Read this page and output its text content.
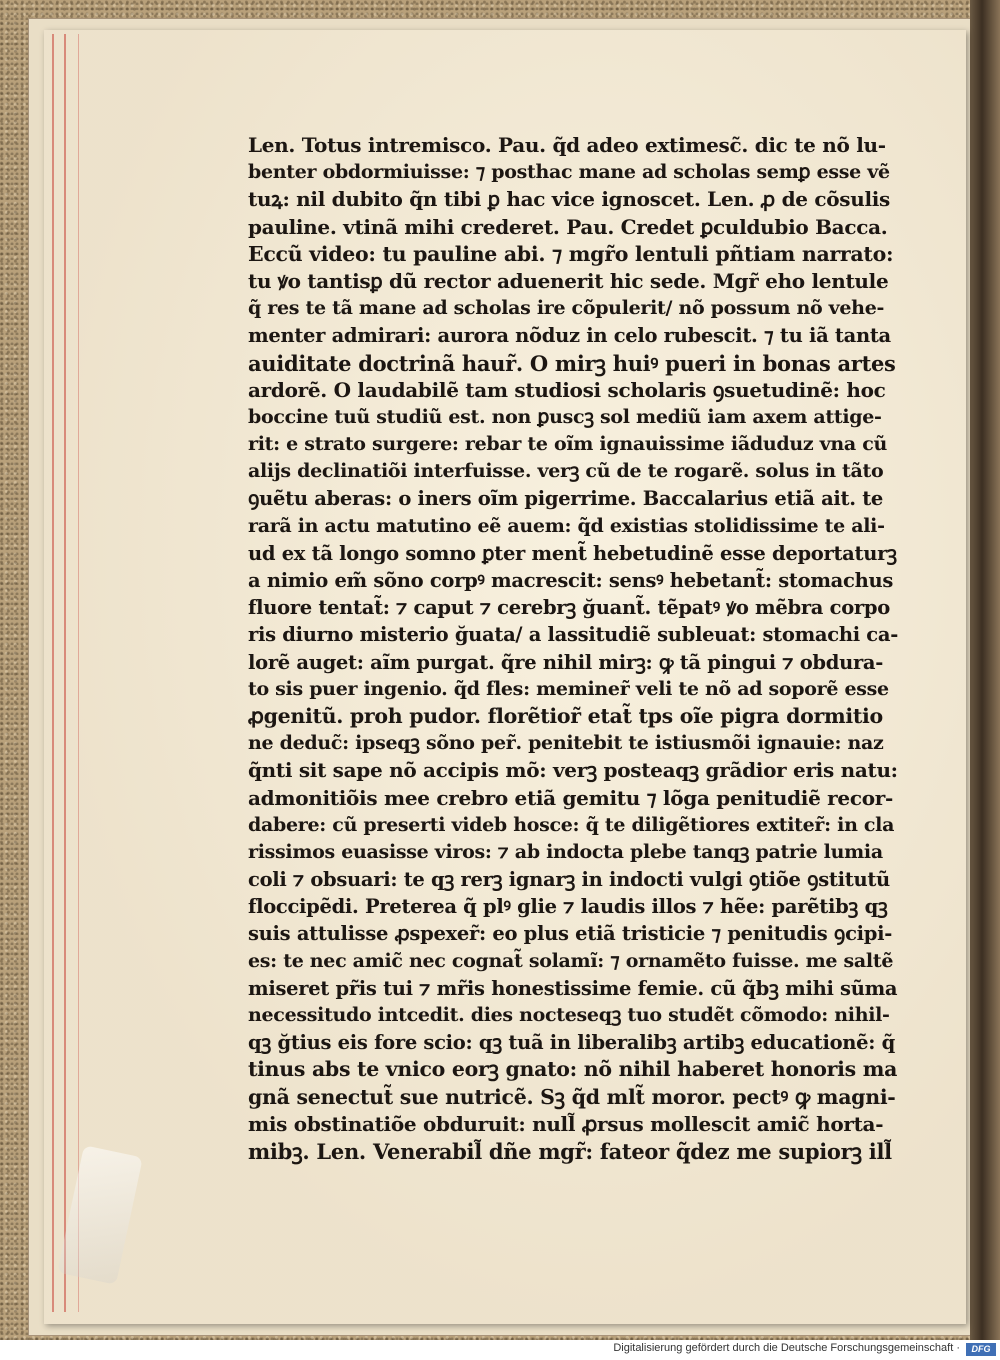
Len. Totus intremisco. Pau. q̃d adeo extimesc̃. dic te nõ lu-
benter obdormiuisse: ⁊ posthac mane ad scholas semꝑ esse vẽ
tuꝝ: nil dubito q̃n tibi ꝑ hac vice ignoscet. Len. ꝓ de cõsulis
pauline. vtinã mihi crederet. Pau. Credet ꝑculdubio Bacca.
Eccũ video: tu pauline abi. ⁊ mgr̃o lentuli pñtiam narrato:
tu ꝟo tantisꝑ dũ rector aduenerit hic sede. Mgr̃ eho lentule
q̃ res te tã mane ad scholas ire cõpulerit/ nõ possum nõ vehe-
menter admirari: aurora nõduz in celo rubescit. ⁊ tu iã tanta
auiditate doctrinã haur̃. O mirꝫ huiꝰ pueri in bonas artes
ardorẽ. O laudabilẽ tam studiosi scholaris ꝯsuetudinẽ: hoc
boccine tuũ studiũ est. non ꝑuscꝫ sol mediũ iam axem attige-
rit: e strato surgere: rebar te oĩm ignauissime iãduduz vna cũ
alijs declinatiõi interfuisse. verꝫ cũ de te rogarẽ. solus in tãto
ꝯuẽtu aberas: o iners oĩm pigerrime. Baccalarius etiã ait. te
rarã in actu matutino eẽ auem: q̃d existias stolidissime te ali-
ud ex tã longo somno ꝑter ment̃ hebetudinẽ esse deportaturꝫ
a nimio em̃ sõno corpꝰ macrescit: sensꝰ hebetant̃: stomachus
fluore tentat̃: ⁊ caput ⁊ cerebrꝫ ğuant̃. tẽpatꝰ ꝟo mẽbra corpo
ris diurno misterio ğuata/ a lassitudiẽ subleuat: stomachi ca-
lorẽ auget: aĩm purgat. q̃re nihil mirꝫ: ꝙ tã pingui ⁊ obdura-
to sis puer ingenio. q̃d fles: meminer̃ veli te nõ ad soporẽ esse
ꝓgenitũ. proh pudor. florẽtior̃ etat̃ tps oĩe pigra dormitio
ne deduc̃: ipseqꝫ sõno per̃. penitebit te istiusmõi ignauie: naz
q̃nti sit sape nõ accipis mõ: verꝫ posteaqꝫ grãdior eris natu:
admonitiõis mee crebro etiã gemitu ⁊ lõga penitudiẽ recor-
dabere: cũ preserti videb hosce: q̃ te diligẽtiores extiter̃: in cla
rissimos euasisse viros: ⁊ ab indocta plebe tanqꝫ patrie lumia
coli ⁊ obsuari: te qꝫ rerꝫ ignarꝫ in indocti vulgi ꝯtiõe ꝯstitutũ
floccipẽdi. Preterea q̃ plꝰ glie ⁊ laudis illos ⁊ hẽe: parẽtibꝫ qꝫ
suis attulisse ꝓspexer̃: eo plus etiã tristicie ⁊ penitudis ꝯcipi-
es: te nec amic̃ nec cognat̃ solamĩ: ⁊ ornamẽto fuisse. me saltẽ
miseret pr̃is tui ⁊ mr̃is honestissime femie. cũ q̃bꝫ mihi sũma
necessitudo intcedit. dies nocteseqꝫ tuo studẽt cõmodo: nihil-
qꝫ ğtius eis fore scio: qꝫ tuã in liberalibꝫ artibꝫ educationẽ: q̃
tinus abs te vnico eorꝫ gnato: nõ nihil haberet honoris ma
gnã senectut̃ sue nutricẽ. Sꝫ q̃d mlt̃ moror. pectꝰ ꝙ magni-
mis obstinatiõe obduruit: null̃ ꝓrsus mollescit amic̃ horta-
mibꝫ. Len. Venerabil̃ dñe mgr̃: fateor q̃dez me supiorꝫ ill̃
Digitalisierung gefördert durch die Deutsche Forschungsgemeinschaft ·	DFG
